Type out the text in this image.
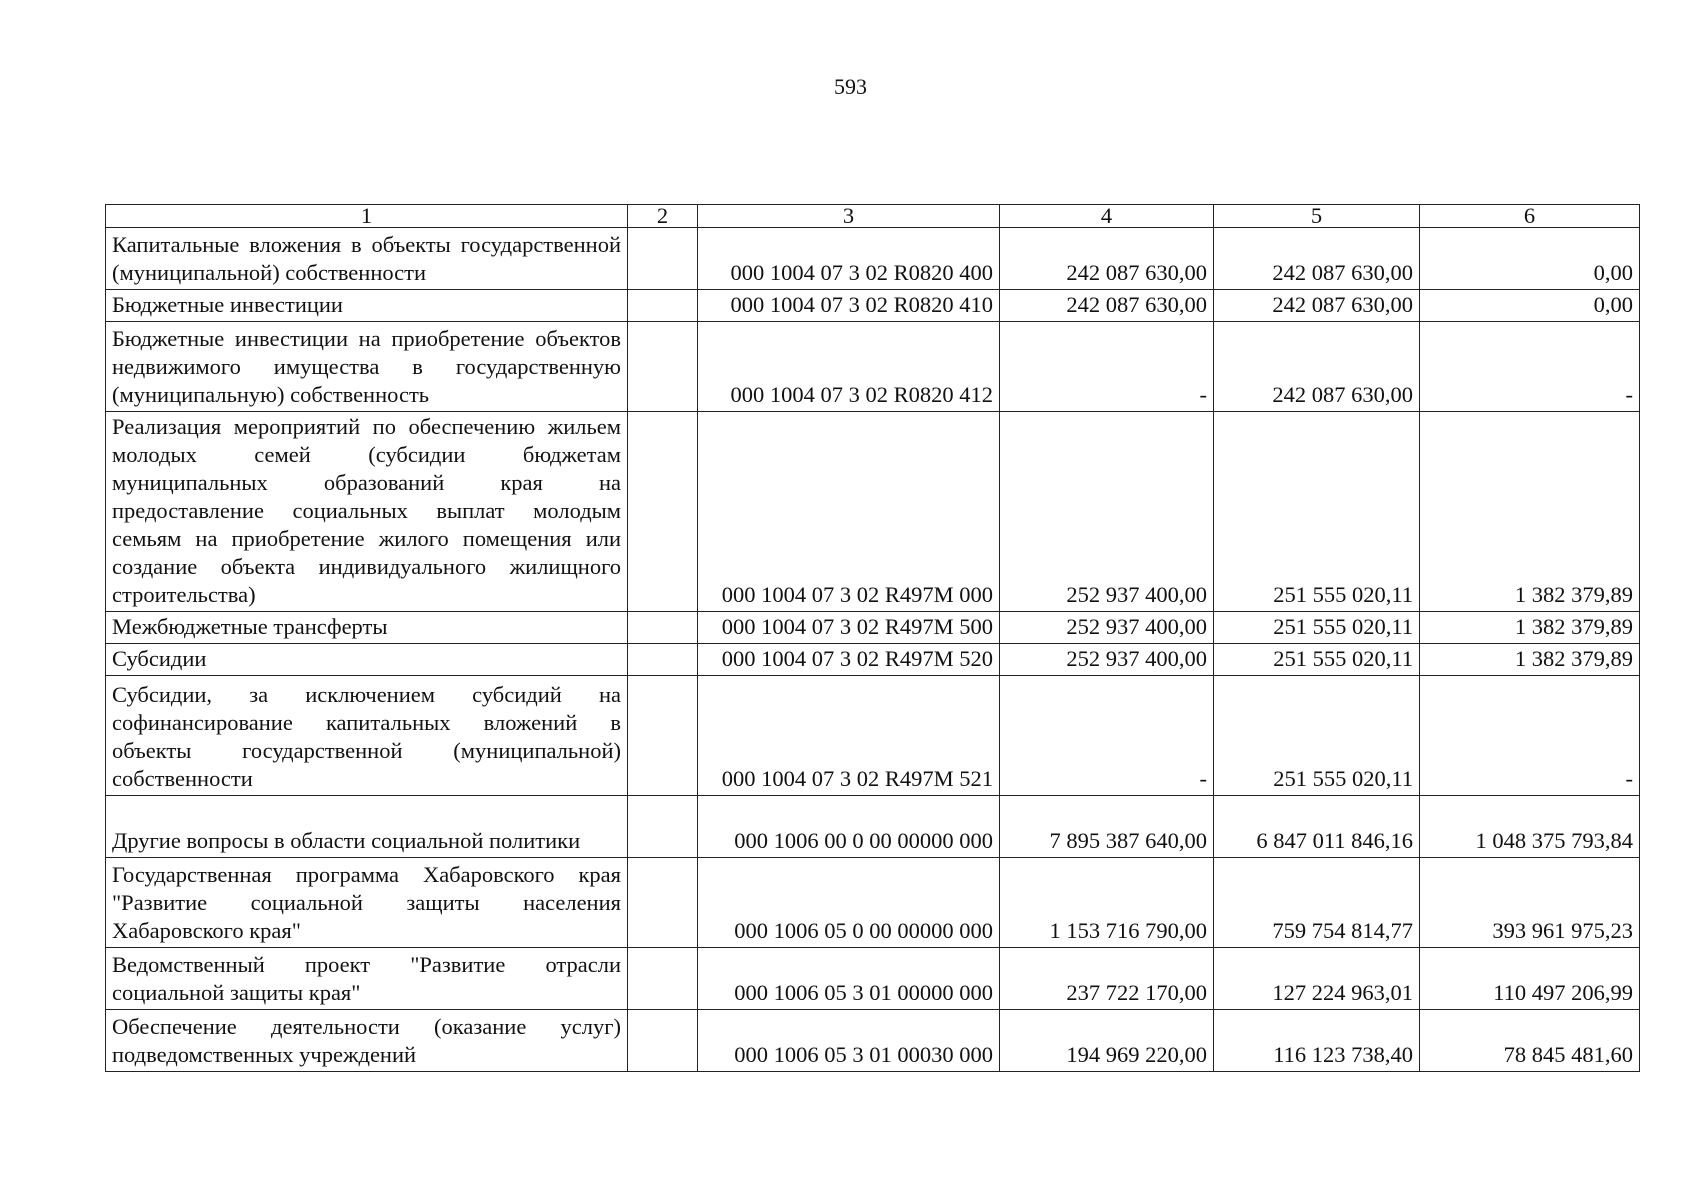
593
1	2	3	4	5	6
Капитальные вложения в объекты государственной (муниципальной) собственности		000 1004 07 3 02 R0820 400	242 087 630,00	242 087 630,00	0,00
Бюджетные инвестиции		000 1004 07 3 02 R0820 410	242 087 630,00	242 087 630,00	0,00
Бюджетные инвестиции на приобретение объектов недвижимого имущества в государственную (муниципальную) собственность		000 1004 07 3 02 R0820 412	-	242 087 630,00	-
Реализация мероприятий по обеспечению жильем молодых семей (субсидии бюджетам муниципальных образований края на предоставление социальных выплат молодым семьям на приобретение жилого помещения или создание объекта индивидуального жилищного строительства)		000 1004 07 3 02 R497M 000	252 937 400,00	251 555 020,11	1 382 379,89
Межбюджетные трансферты		000 1004 07 3 02 R497M 500	252 937 400,00	251 555 020,11	1 382 379,89
Субсидии		000 1004 07 3 02 R497M 520	252 937 400,00	251 555 020,11	1 382 379,89
Субсидии, за исключением субсидий на софинансирование капитальных вложений в объекты государственной (муниципальной) собственности		000 1004 07 3 02 R497M 521	-	251 555 020,11	-
Другие вопросы в области социальной политики		000 1006 00 0 00 00000 000	7 895 387 640,00	6 847 011 846,16	1 048 375 793,84
Государственная программа Хабаровского края "Развитие социальной защиты населения Хабаровского края"		000 1006 05 0 00 00000 000	1 153 716 790,00	759 754 814,77	393 961 975,23
Ведомственный проект "Развитие отрасли социальной защиты края"		000 1006 05 3 01 00000 000	237 722 170,00	127 224 963,01	110 497 206,99
Обеспечение деятельности (оказание услуг) подведомственных учреждений		000 1006 05 3 01 00030 000	194 969 220,00	116 123 738,40	78 845 481,60
